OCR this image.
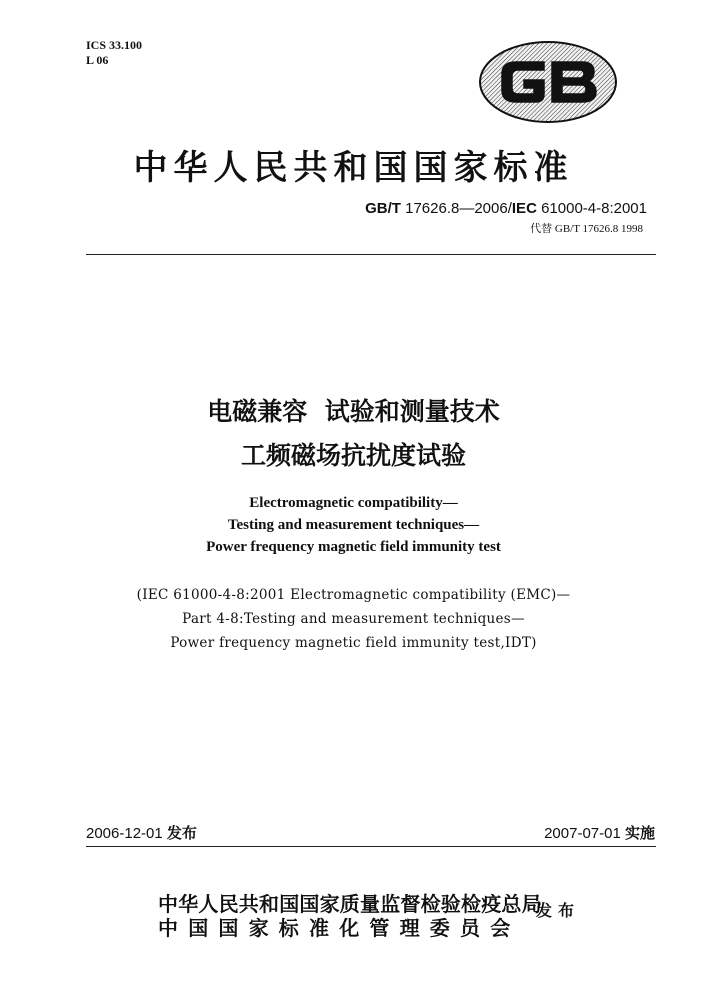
ICS 33.100
L 06
中华人民共和国国家标准
GB/T 17626.8—2006/IEC 61000-4-8:2001
代替 GB/T 17626.8 1998
电磁兼容  试验和测量技术
工频磁场抗扰度试验
Electromagnetic compatibility—
Testing and measurement techniques—
Power frequency magnetic field immunity test
(IEC 61000-4-8:2001 Electromagnetic compatibility (EMC)—
Part 4-8:Testing and measurement techniques—
Power frequency magnetic field immunity test,IDT)
2006-12-01 发布	2007-07-01 实施
中华人民共和国国家质量监督检验检疫总局
中国国家标准化管理委员会
发布
